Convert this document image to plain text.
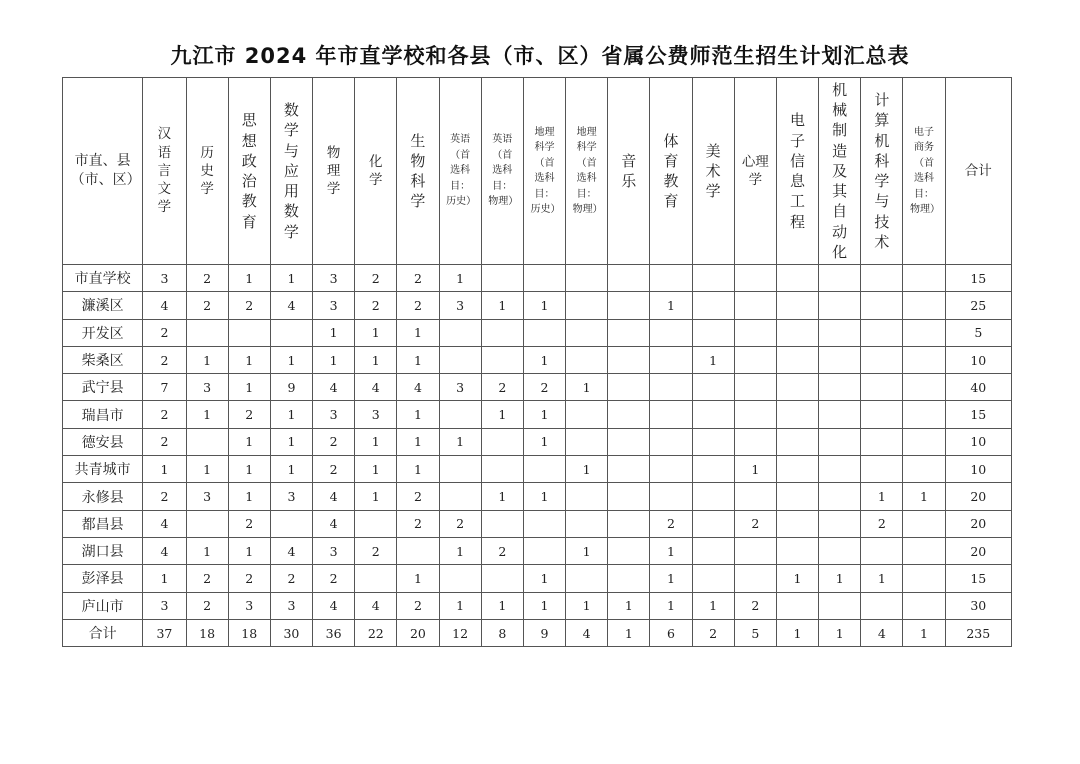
九江市 2024 年市直学校和各县（市、区）省属公费师范生招生计划汇总表
市直、县（市、区）	汉语言文学	历史学	思想政治教育	数学与应用数学	物理学	化学	生物科学	英语（首选科目：历史）	英语（首选科目：物理）	地理科学（首选科目：历史）	地理科学（首选科目：物理）	音乐	体育教育	美术学	心理学	电子信息工程	机械制造及其自动化	计算机科学与技术	电子商务（首选科目：物理）	合计

市直学校	3	2	1	1	3	2	2	1												15
濂溪区	4	2	2	4	3	2	2	3	1	1			1							25
开发区	2				1	1	1													5
柴桑区	2	1	1	1	1	1	1			1				1						10
武宁县	7	3	1	9	4	4	4	3	2	2	1									40
瑞昌市	2	1	2	1	3	3	1		1	1										15
德安县	2		1	1	2	1	1	1		1										10
共青城市	1	1	1	1	2	1	1				1				1					10
永修县	2	3	1	3	4	1	2		1	1								1	1	20
都昌县	4		2		4		2	2					2		2			2		20
湖口县	4	1	1	4	3	2		1	2		1		1							20
彭泽县	1	2	2	2	2		1			1			1			1	1	1		15
庐山市	3	2	3	3	4	4	2	1	1	1	1	1	1	1	2					30
合计	37	18	18	30	36	22	20	12	8	9	4	1	6	2	5	1	1	4	1	235
